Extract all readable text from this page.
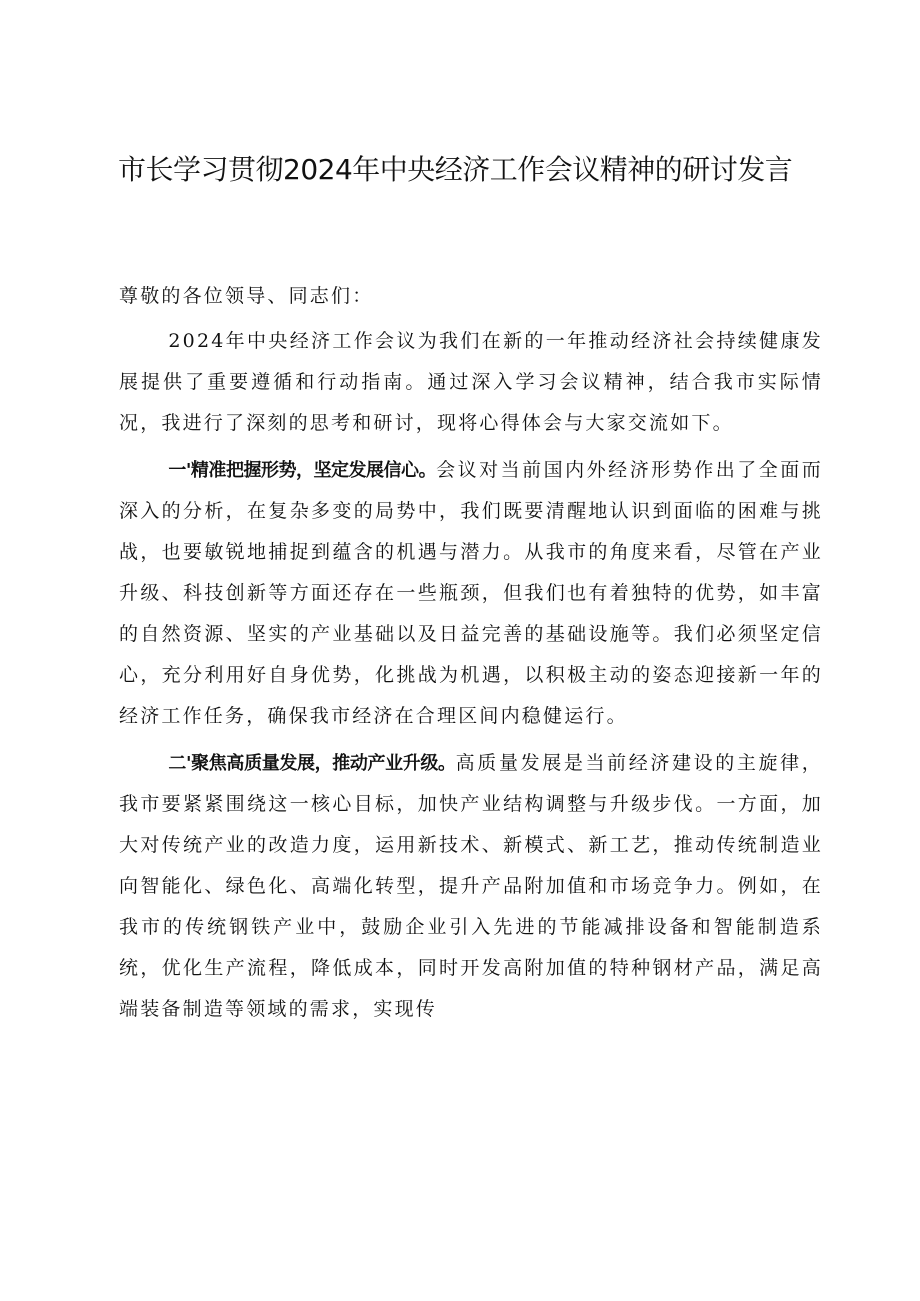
市长学习贯彻2024年中央经济工作会议精神的研讨发言

尊敬的各位领导、同志们：

2024年中央经济工作会议为我们在新的一年推动经济社会持续健康发展提供了重要遵循和行动指南。通过深入学习会议精神，结合我市实际情况，我进行了深刻的思考和研讨，现将心得体会与大家交流如下。

一'精准把握形势，坚定发展信心。会议对当前国内外经济形势作出了全面而深入的分析，在复杂多变的局势中，我们既要清醒地认识到面临的困难与挑战，也要敏锐地捕捉到蕴含的机遇与潜力。从我市的角度来看，尽管在产业升级、科技创新等方面还存在一些瓶颈，但我们也有着独特的优势，如丰富的自然资源、坚实的产业基础以及日益完善的基础设施等。我们必须坚定信心，充分利用好自身优势，化挑战为机遇，以积极主动的姿态迎接新一年的经济工作任务，确保我市经济在合理区间内稳健运行。

二'聚焦高质量发展，推动产业升级。高质量发展是当前经济建设的主旋律，我市要紧紧围绕这一核心目标，加快产业结构调整与升级步伐。一方面，加大对传统产业的改造力度，运用新技术、新模式、新工艺，推动传统制造业向智能化、绿色化、高端化转型，提升产品附加值和市场竞争力。例如，在我市的传统钢铁产业中，鼓励企业引入先进的节能减排设备和智能制造系统，优化生产流程，降低成本，同时开发高附加值的特种钢材产品，满足高端装备制造等领域的需求，实现传
